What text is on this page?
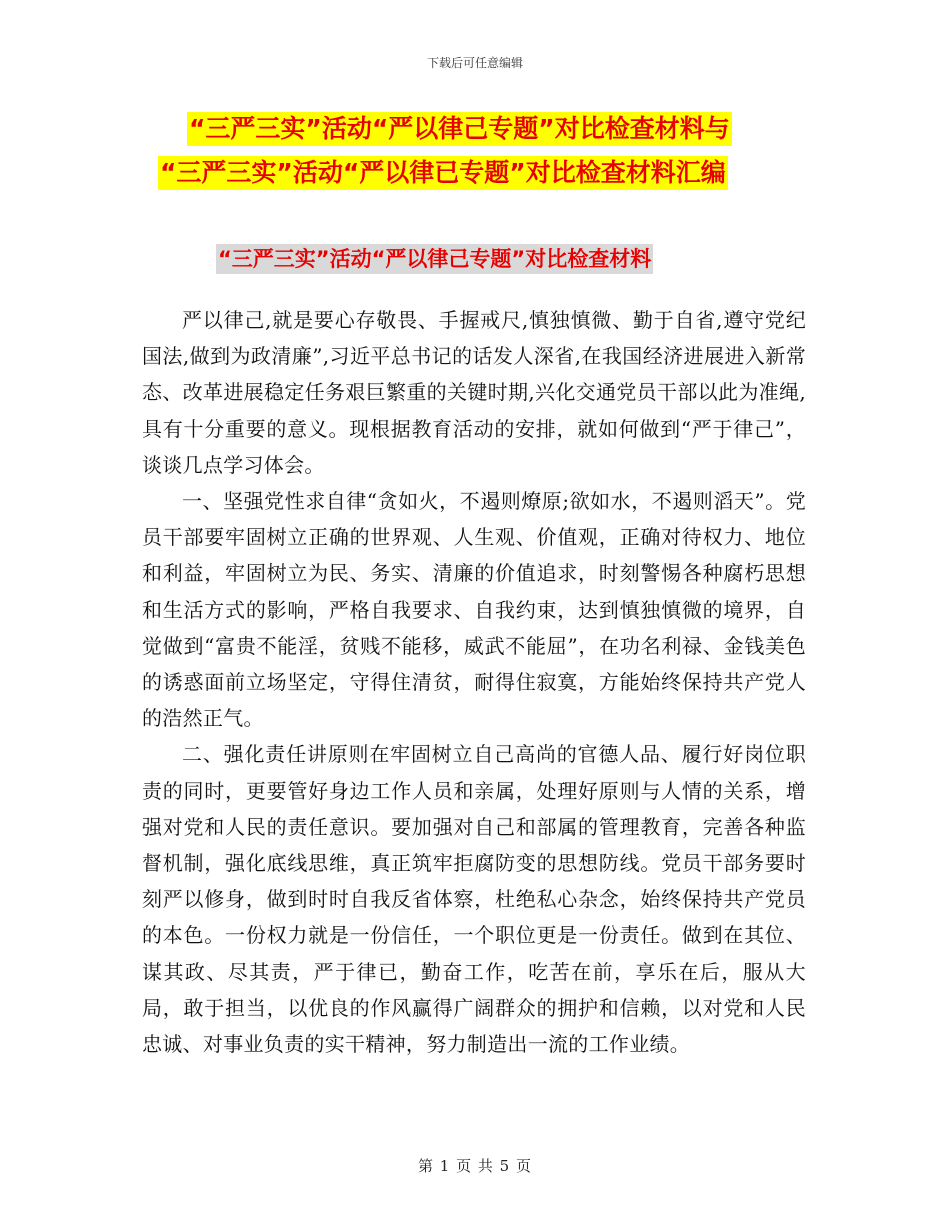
下载后可任意编辑
“三严三实”活动“严以律己专题”对比检查材料与
“三严三实”活动“严以律已专题”对比检查材料汇编
“三严三实”活动“严以律己专题”对比检查材料

严以律己,就是要心存敬畏、手握戒尺,慎独慎微、勤于自省,遵守党纪国法,做到为政清廉”,习近平总书记的话发人深省,在我国经济进展进入新常态、改革进展稳定任务艰巨繁重的关键时期,兴化交通党员干部以此为准绳,具有十分重要的意义。现根据教育活动的安排，就如何做到“严于律己”，谈谈几点学习体会。

一、坚强党性求自律“贪如火，不遏则燎原;欲如水，不遏则滔天”。党员干部要牢固树立正确的世界观、人生观、价值观，正确对待权力、地位和利益，牢固树立为民、务实、清廉的价值追求，时刻警惕各种腐朽思想和生活方式的影响，严格自我要求、自我约束，达到慎独慎微的境界，自觉做到“富贵不能淫，贫贱不能移，威武不能屈”，在功名利禄、金钱美色的诱惑面前立场坚定，守得住清贫，耐得住寂寞，方能始终保持共产党人的浩然正气。

二、强化责任讲原则在牢固树立自己高尚的官德人品、履行好岗位职责的同时，更要管好身边工作人员和亲属，处理好原则与人情的关系，增强对党和人民的责任意识。要加强对自己和部属的管理教育，完善各种监督机制，强化底线思维，真正筑牢拒腐防变的思想防线。党员干部务要时刻严以修身，做到时时自我反省体察，杜绝私心杂念，始终保持共产党员的本色。一份权力就是一份信任，一个职位更是一份责任。做到在其位、谋其政、尽其责，严于律已，勤奋工作，吃苦在前，享乐在后，服从大局，敢于担当，以优良的作风赢得广阔群众的拥护和信赖，以对党和人民忠诚、对事业负责的实干精神，努力制造出一流的工作业绩。

第 1 页 共 5 页
